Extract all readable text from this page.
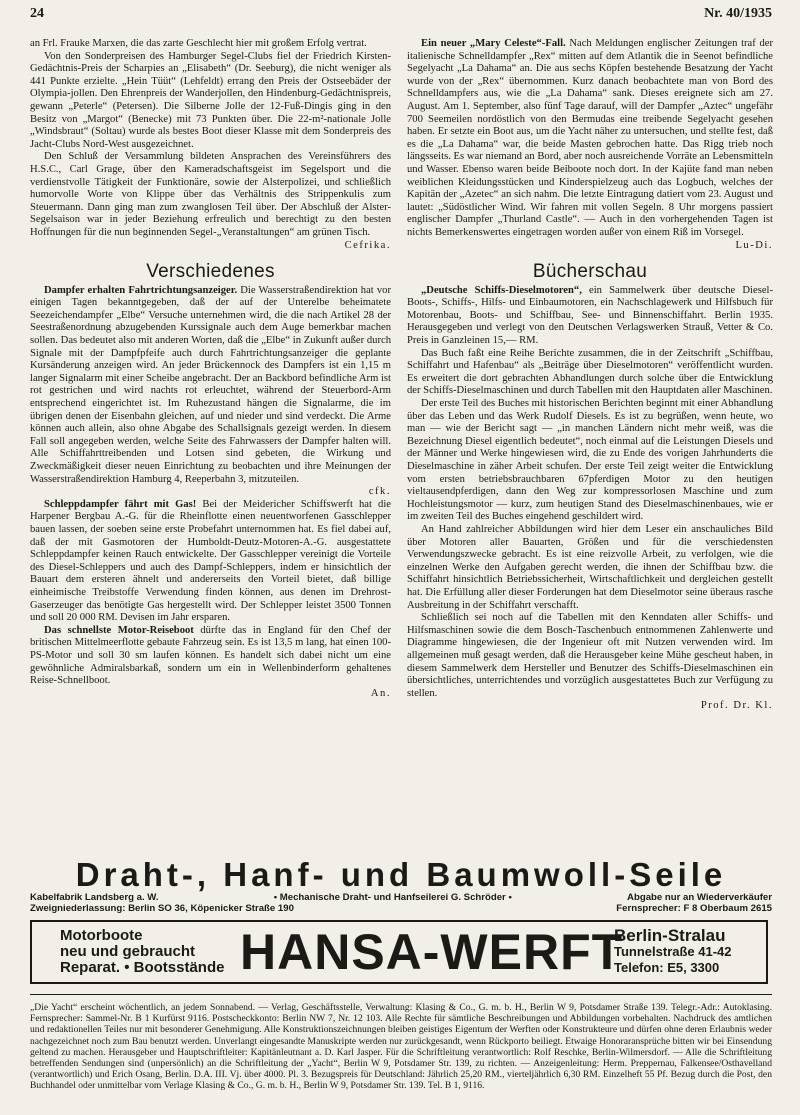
24	Nr. 40/1935

an Frl. Frauke Marxen, die das zarte Geschlecht hier mit großem Erfolg vertrat.

Von den Sonderpreisen des Hamburger Segel-Clubs fiel der Friedrich Kirsten-Gedächtnis-Preis der Scharpies an „Elisabeth“ (Dr. Seeburg), die nicht weniger als 441 Punkte erzielte. „Hein Tüüt“ (Lehfeldt) errang den Preis der Ostseebäder der Olympia-jollen. Den Ehrenpreis der Wanderjollen, den Hindenburg-Gedächtnispreis, gewann „Peterle“ (Petersen). Die Silberne Jolle der 12-Fuß-Dingis ging in den Besitz von „Margot“ (Benecke) mit 73 Punkten über. Die 22-m²-nationale Jolle „Windsbraut“ (Soltau) wurde als bestes Boot dieser Klasse mit dem Sonderpreis des Jacht-Clubs Nord-West ausgezeichnet.

Den Schluß der Versammlung bildeten Ansprachen des Vereinsführers des H.S.C., Carl Grage, über den Kameradschaftsgeist im Segelsport und die verdienstvolle Tätigkeit der Funktionäre, sowie der Alsterpolizei, und schließlich humorvolle Worte von Klippe über das Verhältnis des Strippenkulis zum Steuermann. Dann ging man zum zwanglosen Teil über. Der Abschluß der Alster-Segelsaison war in jeder Beziehung erfreulich und berechtigt zu den besten Hoffnungen für die nun beginnenden Segel-„Veranstaltungen“ am grünen Tisch.

Cefrika.
Verschiedenes

Dampfer erhalten Fahrtrichtungsanzeiger. Die Wasserstraßendirektion hat vor einigen Tagen bekanntgegeben, daß der auf der Unterelbe beheimatete Seezeichendampfer „Elbe“ Versuche unternehmen wird, die die nach Artikel 28 der Seestraßenordnung abzugebenden Kurssignale auch dem Auge bemerkbar machen sollen. Das bedeutet also mit anderen Worten, daß die „Elbe“ in Zukunft außer durch Signale mit der Dampfpfeife auch durch Fahrtrichtungsanzeiger die geplante Kursänderung anzeigen wird. An jeder Brückennock des Dampfers ist ein 1,15 m langer Signalarm mit einer Scheibe angebracht. Der an Backbord befindliche Arm ist rot gestrichen und wird nachts rot erleuchtet, während der Steuerbord-Arm entsprechend eingerichtet ist. Im Ruhezustand hängen die Signalarme, die im übrigen denen der Eisenbahn gleichen, auf und nieder und sind verdeckt. Die Arme können auch allein, also ohne Abgabe des Schallsignals gezeigt werden. In diesem Fall soll angegeben werden, welche Seite des Fahrwassers der Dampfer halten will. Alle Schiffahrttreibenden und Lotsen sind gebeten, die Wirkung und Zweckmäßigkeit dieser neuen Einrichtung zu beobachten und ihre Meinungen der Wasserstraßendirektion Hamburg 4, Reeperbahn 3, mitzuteilen.

cfk.

Schleppdampfer fährt mit Gas! Bei der Meidericher Schiffswerft hat die Harpener Bergbau A.-G. für die Rheinflotte einen neuentworfenen Gasschlepper bauen lassen, der soeben seine erste Probefahrt unternommen hat. Es fiel dabei auf, daß der mit Gasmotoren der Humboldt-Deutz-Motoren-A.-G. ausgestattete Schleppdampfer keinen Rauch entwickelte. Der Gasschlepper vereinigt die Vorteile des Diesel-Schleppers und auch des Dampf-Schleppers, indem er hinsichtlich der Bauart dem ersteren ähnelt und andererseits den Vorteil bietet, daß billige einheimische Treibstoffe Verwendung finden können, aus denen im Drehrost-Gaserzeuger das benötigte Gas hergestellt wird. Der Schlepper leistet 3500 Tonnen und soll 20 000 RM. Devisen im Jahr ersparen.

Das schnellste Motor-Reiseboot dürfte das in England für den Chef der britischen Mittelmeerflotte gebaute Fahrzeug sein. Es ist 13,5 m lang, hat einen 100-PS-Motor und soll 30 sm laufen können. Es handelt sich dabei nicht um eine gewöhnliche Admiralsbarkaß, sondern um ein in Wellenbinderform gehaltenes Reise-Schnellboot.

An.

Ein neuer „Mary Celeste“-Fall. Nach Meldungen englischer Zeitungen traf der italienische Schnelldampfer „Rex“ mitten auf dem Atlantik die in Seenot befindliche Segelyacht „La Dahama“ an. Die aus sechs Köpfen bestehende Besatzung der Yacht wurde von der „Rex“ übernommen. Kurz danach beobachtete man von Bord des Schnelldampfers aus, wie die „La Dahama“ sank. Dieses ereignete sich am 27. August. Am 1. September, also fünf Tage darauf, will der Dampfer „Aztec“ ungefähr 700 Seemeilen nordöstlich von den Bermudas eine treibende Segelyacht gesehen haben. Er setzte ein Boot aus, um die Yacht näher zu untersuchen, und stellte fest, daß es die „La Dahama“ war, die beide Masten gebrochen hatte. Das Rigg trieb noch längsseits. Es war niemand an Bord, aber noch ausreichende Vorräte an Lebensmitteln und Wasser. Ebenso waren beide Beiboote noch dort. In der Kajüte fand man neben weiblichen Kleidungsstücken und Kinderspielzeug auch das Logbuch, welches der Kapitän der „Azetec“ an sich nahm. Die letzte Eintragung datiert vom 23. August und lautet: „Südöstlicher Wind. Wir fahren mit vollen Segeln. 8 Uhr morgens passiert englischer Dampfer „Thurland Castle“. — Auch in den vorhergehenden Tagen ist nichts Bemerkenswertes eingetragen worden außer von einem Riß im Vorsegel.

Lu-Di.
Bücherschau

„Deutsche Schiffs-Dieselmotoren“, ein Sammelwerk über deutsche Diesel-Boots-, Schiffs-, Hilfs- und Einbaumotoren, ein Nachschlagewerk und Hilfsbuch für Motorenbau, Boots- und Schiffbau, See- und Binnenschiffahrt. Berlin 1935. Herausgegeben und verlegt von den Deutschen Verlagswerken Strauß, Vetter & Co. Preis in Ganzleinen 15,— RM.

Das Buch faßt eine Reihe Berichte zusammen, die in der Zeitschrift „Schiffbau, Schiffahrt und Hafenbau“ als „Beiträge über Dieselmotoren“ veröffentlicht wurden. Es erweitert die dort gebrachten Abhandlungen durch solche über die Entwicklung der Schiffs-Dieselmaschinen und durch Tabellen mit den Hauptdaten aller Maschinen.

Der erste Teil des Buches mit historischen Berichten beginnt mit einer Abhandlung über das Leben und das Werk Rudolf Diesels. Es ist zu begrüßen, wenn heute, wo man — wie der Bericht sagt — „in manchen Ländern nicht mehr weiß, was die Bezeichnung Diesel eigentlich bedeutet“, noch einmal auf die Leistungen Diesels und der Männer und Werke hingewiesen wird, die zu Ende des vorigen Jahrhunderts die Dieselmaschine in zäher Arbeit schufen. Der erste Teil zeigt weiter die Entwicklung vom ersten betriebsbrauchbaren 67pferdigen Motor zu den heutigen vieltausendpferdigen, dann den Weg zur kompressorlosen Maschine und zum Hochleistungsmotor — kurz, zum heutigen Stand des Dieselmaschinenbaues, wie er im zweiten Teil des Buches eingehend geschildert wird.

An Hand zahlreicher Abbildungen wird hier dem Leser ein anschauliches Bild über Motoren aller Bauarten, Größen und für die verschiedensten Verwendungszwecke gebracht. Es ist eine reizvolle Arbeit, zu verfolgen, wie die einzelnen Werke den Aufgaben gerecht werden, die ihnen der Schiffbau bzw. die Schiffahrt hinsichtlich Betriebssicherheit, Wirtschaftlichkeit und dergleichen gestellt hat. Die Erfüllung aller dieser Forderungen hat dem Dieselmotor seine überaus rasche Ausbreitung in der Schiffahrt verschafft.

Schließlich sei noch auf die Tabellen mit den Kenndaten aller Schiffs- und Hilfsmaschinen sowie die dem Bosch-Taschenbuch entnommenen Zahlenwerte und Diagramme hingewiesen, die der Ingenieur oft mit Nutzen verwenden wird. Im allgemeinen muß gesagt werden, daß die Herausgeber keine Mühe gescheut haben, in diesem Sammelwerk dem Hersteller und Benutzer des Schiffs-Dieselmaschinen ein übersichtliches, unterrichtendes und vorzüglich ausgestattetes Buch zur Verfügung zu stellen.

Prof. Dr. Kl.
Draht-, Hanf- und Baumwoll-Seile
Kabelfabrik Landsberg a. W.	• Mechanische Draht- und Hanfseilerei G. Schröder •	Abgabe nur an Wiederverkäufer
Zweigniederlassung: Berlin SO 36, Köpenicker Straße 190	Fernsprecher: F 8 Oberbaum 2615
Motorboote
neu und gebraucht
Reparat. • Bootsstände HANSA-WERFT
Berlin-Stralau
Tunnelstraße 41-42
Telefon: E5, 3300
„Die Yacht“ erscheint wöchentlich, an jedem Sonnabend. — Verlag, Geschäftsstelle, Verwaltung: Klasing & Co., G. m. b. H., Berlin W 9, Potsdamer Straße 139. Telegr.-Adr.: Autoklasing. Fernsprecher: Sammel-Nr. B 1 Kurfürst 9116. Postscheckkonto: Berlin NW 7, Nr. 12 103. Alle Rechte für sämtliche Beschreibungen und Abbildungen vorbehalten. Nachdruck des amtlichen und redaktionellen Teiles nur mit besonderer Genehmigung. Alle Konstruktionszeichnungen bleiben geistiges Eigentum der Werften oder Konstrukteure und dürfen ohne deren Erlaubnis weder nachgezeichnet noch zum Bau benutzt werden. Unverlangt eingesandte Manuskripte werden nur zurückgesandt, wenn Rückporto beiliegt. Etwaige Honoraransprüche bitten wir bei Einsendung geltend zu machen. Herausgeber und Hauptschriftleiter: Kapitänleutnant a. D. Karl Jasper. Für die Schriftleitung verantwortlich: Rolf Reschke, Berlin-Wilmersdorf. — Alle die Schriftleitung betreffenden Sendungen sind (unpersönlich) an die Schriftleitung der „Yacht“, Berlin W 9, Potsdamer Str. 139, zu richten. — Anzeigenleitung: Herm. Preppernau, Falkensee/Osthavelland (verantwortlich) und Erich Osang, Berlin. D.A. III. Vj. über 4000. Pl. 3. Bezugspreis für Deutschland: Jährlich 25,20 RM., vierteljährlich 6,30 RM. Einzelheft 55 Pf. Bezug durch die Post, den Buchhandel oder unmittelbar vom Verlage Klasing & Co., G. m. b. H., Berlin W 9, Potsdamer Str. 139. Tel. B 1, 9116.
